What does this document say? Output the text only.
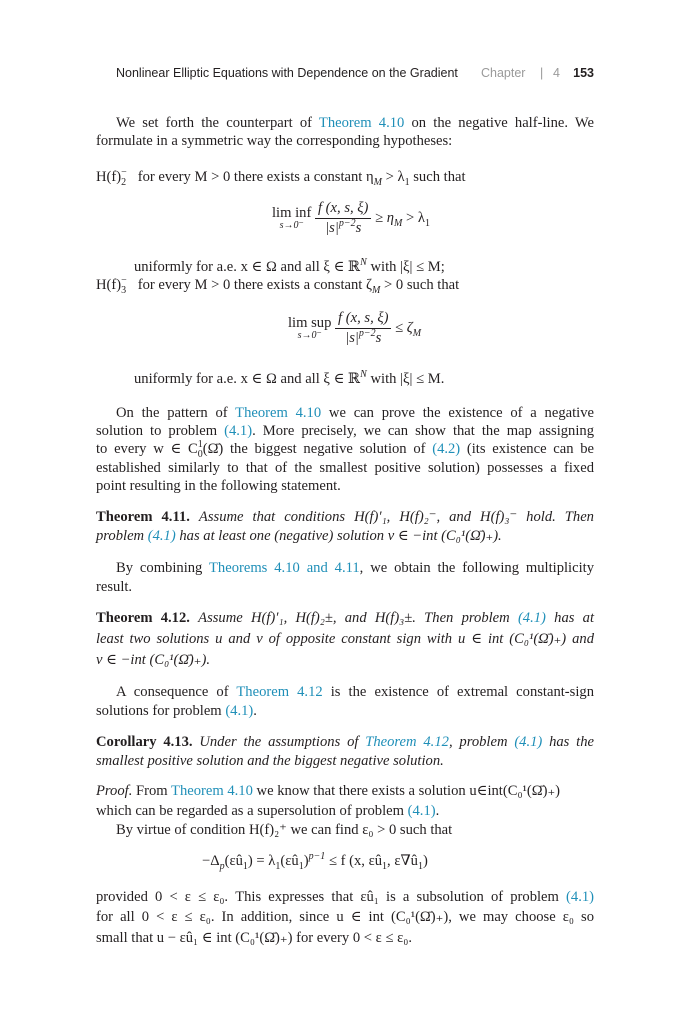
Nonlinear Elliptic Equations with Dependence on the Gradient Chapter | 4 153
We set forth the counterpart of Theorem 4.10 on the negative half-line. We
formulate in a symmetric way the corresponding hypotheses:
$H(f)_2^-$ for every M > 0 there exists a constant $\eta_M > \lambda_1$ such that
lim inf
s→0⁻
$\frac{f (x, s, \xi)}{|s|^{p-2}s} \ge \eta_M > \lambda_1$
uniformly for a.e. x ∈ Ω and all ξ ∈ ℝ$^N$ with |ξ| ≤ M;
$H(f)_3^-$ for every M > 0 there exists a constant $\zeta_M > 0$ such that
lim sup
s→0⁻
$\frac{f (x, s, \xi)}{|s|^{p-2}s} \le \zeta_M$
uniformly for a.e. x ∈ Ω and all ξ ∈ ℝ$^N$ with |ξ| ≤ M.
On the pattern of Theorem 4.10 we can prove the existence of a negative
solution to problem (4.1). More precisely, we can show that the map assigning
to every w ∈ $C_0^1(\Omegā)$ the biggest negative solution of (4.2) (its existence can be
established similarly to that of the smallest positive solution) possesses a fixed
point resulting in the following statement.
Theorem 4.11. Assume that conditions H(f)′₁, H(f)₂⁻, and H(f)₃⁻ hold. Then
problem (4.1) has at least one (negative) solution v ∈ −int (C₀¹(Ω̄)₊).
By combining Theorems 4.10 and 4.11, we obtain the following multiplicity
result.
Theorem 4.12. Assume H(f)′₁, H(f)₂±, and H(f)₃±. Then problem (4.1) has at
least two solutions u and v of opposite constant sign with u ∈ int (C₀¹(Ω̄)₊) and
v ∈ −int (C₀¹(Ω̄)₊).
A consequence of Theorem 4.12 is the existence of extremal constant-sign
solutions for problem (4.1).
Corollary 4.13. Under the assumptions of Theorem 4.12, problem (4.1) has the
smallest positive solution and the biggest negative solution.
Proof. From Theorem 4.10 we know that there exists a solution u∈int(C₀¹(Ω̄)₊)
which can be regarded as a supersolution of problem (4.1).
By virtue of condition H(f)₂⁺ we can find ε₀ > 0 such that
$-\Delta_p(\varepsilon û_1)$ = $\lambda_1(\varepsilon û_1)^{p-1} \le f$ (x, $\varepsilon û_1$, $\varepsilon\nabla û_1$)
provided 0 < ε ≤ ε₀. This expresses that εû₁ is a subsolution of problem (4.1)
for all 0 < ε ≤ ε₀. In addition, since u ∈ int (C₀¹(Ω̄)₊), we may choose ε₀ so
small that u − εû₁ ∈ int (C₀¹(Ω̄)₊) for every 0 < ε ≤ ε₀.
